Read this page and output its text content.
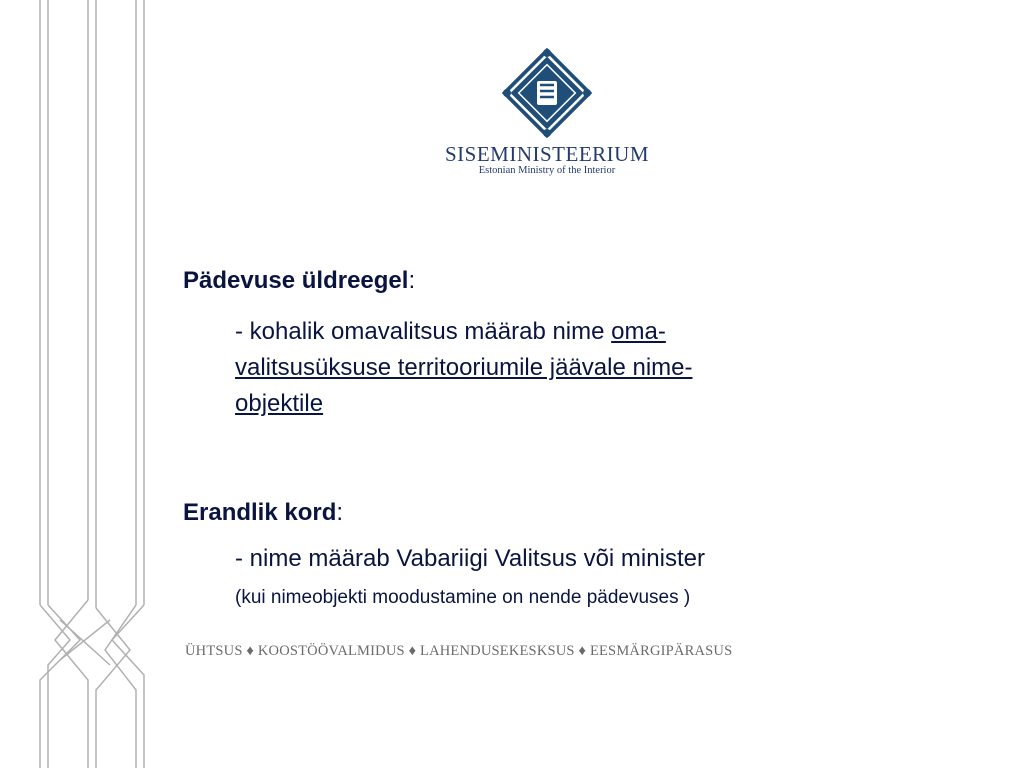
SISEMINISTEERIUM
Estonian Ministry of the Interior
Pädevuse üldreegel:
- kohalik omavalitsus määrab nime oma-
valitsusüksuse territooriumile jäävale nime-
objektile
Erandlik kord:
- nime määrab Vabariigi Valitsus või minister
(kui nimeobjekti moodustamine on nende pädevuses )
ÜHTSUS ♦ KOOSTÖÖVALMIDUS ♦ LAHENDUSEKESKSUS ♦ EESMÄRGIPÄRASUS
